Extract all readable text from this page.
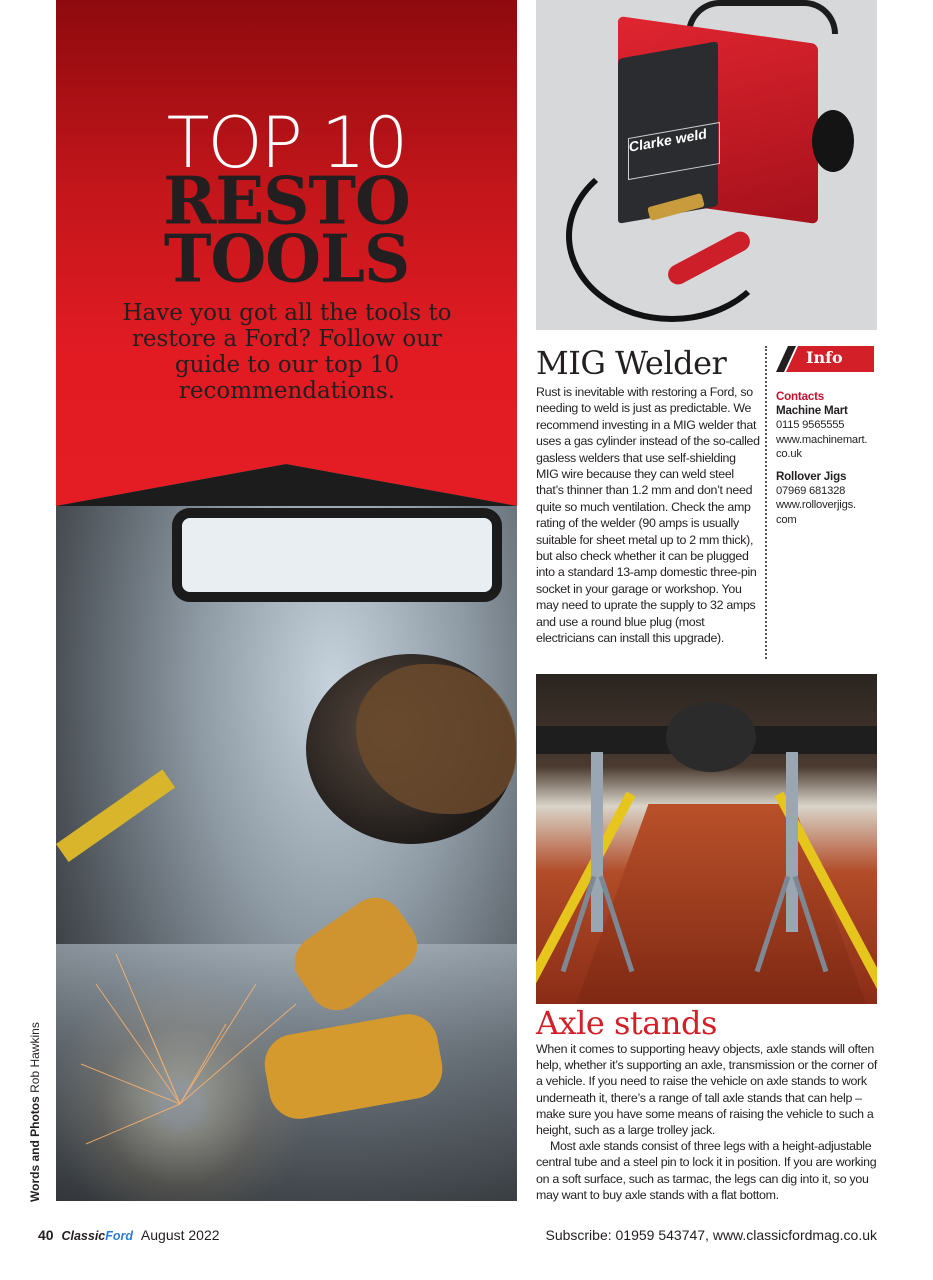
TOP 10
RESTO
TOOLS
Have you got all the tools to restore a Ford? Follow our guide to our top 10 recommendations.
Words and Photos Rob Hawkins
Clarke weld
MIG Welder
Rust is inevitable with restoring a Ford, so needing to weld is just as predictable. We recommend investing in a MIG welder that uses a gas cylinder instead of the so-called gasless welders that use self-shielding MIG wire because they can weld steel that’s thinner than 1.2 mm and don’t need quite so much ventilation. Check the amp rating of the welder (90 amps is usually suitable for sheet metal up to 2 mm thick), but also check whether it can be plugged into a standard 13-amp domestic three-pin socket in your garage or workshop. You may need to uprate the supply to 32 amps and use a round blue plug (most electricians can install this upgrade).
Info
Contacts
Machine Mart
0115 9565555
www.machinemart.
co.uk
Rollover Jigs
07969 681328
www.rolloverjigs.
com
Axle stands

When it comes to supporting heavy objects, axle stands will often help, whether it’s supporting an axle, transmission or the corner of a vehicle. If you need to raise the vehicle on axle stands to work underneath it, there’s a range of tall axle stands that can help – make sure you have some means of raising the vehicle to such a height, such as a large trolley jack.

Most axle stands consist of three legs with a height-adjustable central tube and a steel pin to lock it in position. If you are working on a soft surface, such as tarmac, the legs can dig into it, so you may want to buy axle stands with a flat bottom.

40 ClassicFord August 2022	Subscribe: 01959 543747, www.classicfordmag.co.uk
